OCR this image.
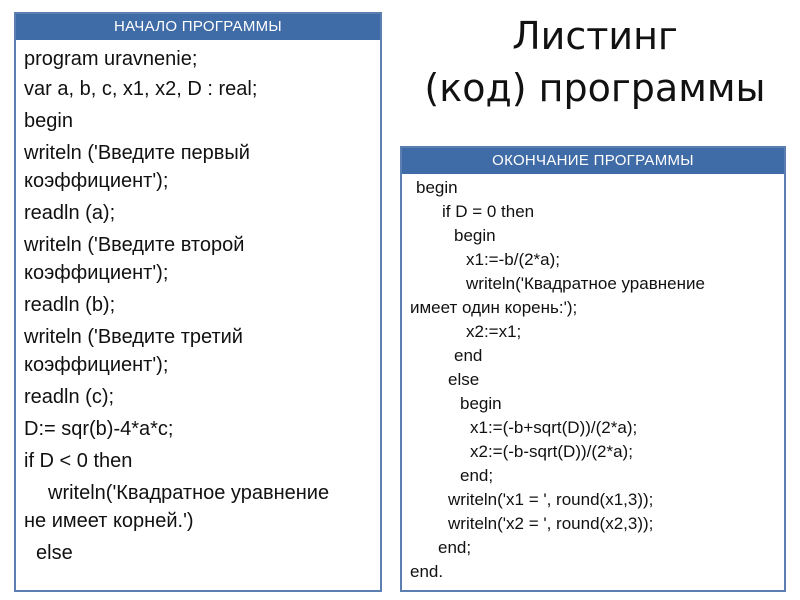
Листинг
(код) программы
НАЧАЛО ПРОГРАММЫ
program uravnenie;
var a, b, c, x1, x2, D : real;
begin
writeln ('Введите первый
коэффициент');
readln (a);
writeln ('Введите второй
коэффициент');
readln (b);
writeln ('Введите третий
коэффициент');
readln (c);
D:= sqr(b)-4*a*c;
if D < 0 then
writeln('Квадратное уравнение
не имеет корней.')
else
ОКОНЧАНИЕ ПРОГРАММЫ
begin
if D = 0 then
begin
x1:=-b/(2*a);
writeln('Квадратное уравнение
имеет один корень:');
x2:=x1;
end
else
begin
x1:=(-b+sqrt(D))/(2*a);
x2:=(-b-sqrt(D))/(2*a);
end;
writeln('x1 = ', round(x1,3));
writeln('x2 = ', round(x2,3));
end;
end.
